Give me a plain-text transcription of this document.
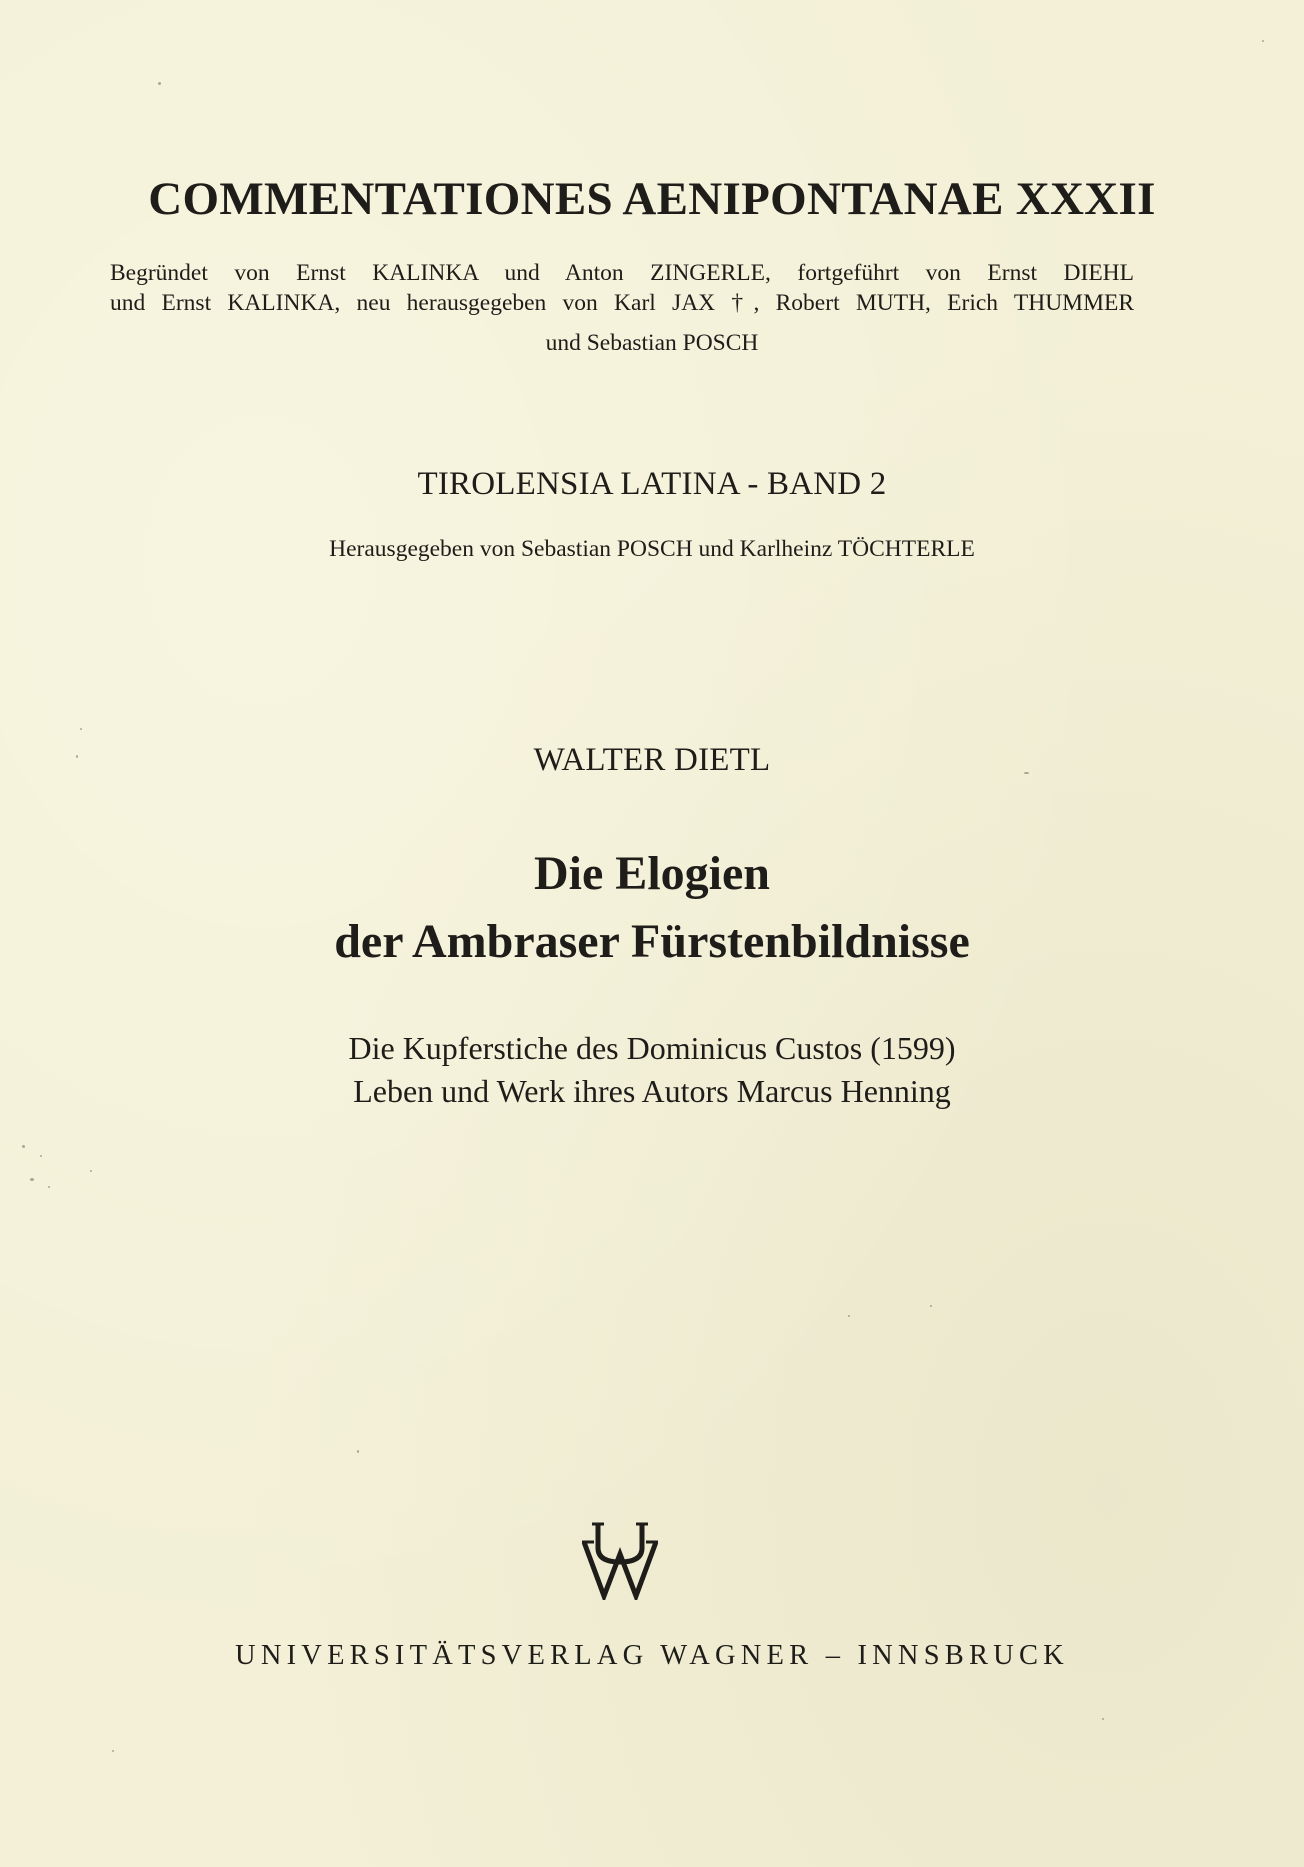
COMMENTATIONES AENIPONTANAE XXXII
Begründet von Ernst KALINKA und Anton ZINGERLE, fortgeführt von Ernst DIEHL
und Ernst KALINKA, neu herausgegeben von Karl JAX †, Robert MUTH, Erich THUMMER
und Sebastian POSCH
TIROLENSIA LATINA - BAND 2
Herausgegeben von Sebastian POSCH und Karlheinz TÖCHTERLE
WALTER DIETL
Die Elogien
der Ambraser Fürstenbildnisse
Die Kupferstiche des Dominicus Custos (1599)
Leben und Werk ihres Autors Marcus Henning
UNIVERSITÄTSVERLAG WAGNER – INNSBRUCK
